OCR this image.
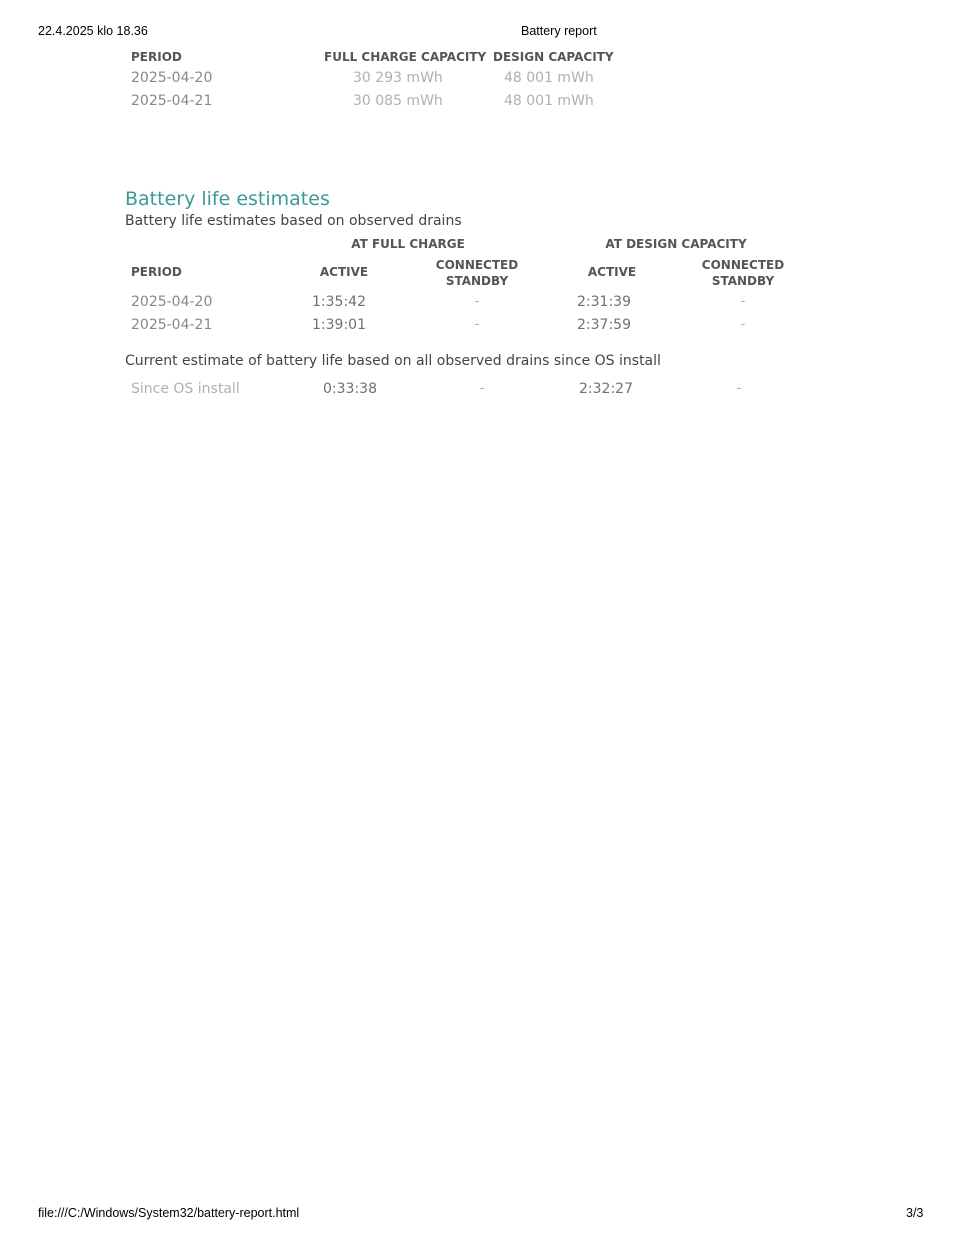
22.4.2025 klo 18.36	Battery report
PERIOD	FULL CHARGE CAPACITY DESIGN CAPACITY
2025-04-20	30 293 mWh	48 001 mWh
2025-04-21	30 085 mWh	48 001 mWh
Battery life estimates
Battery life estimates based on observed drains
AT FULL CHARGE	AT DESIGN CAPACITY
PERIOD	ACTIVE	CONNECTED
STANDBY
ACTIVE	CONNECTED
STANDBY
2025-04-20	1:35:42	-	2:31:39	-
2025-04-21	1:39:01	-	2:37:59	-
Current estimate of battery life based on all observed drains since OS install
Since OS install	0:33:38	-	2:32:27	-
file:///C:/Windows/System32/battery-report.html	3/3
